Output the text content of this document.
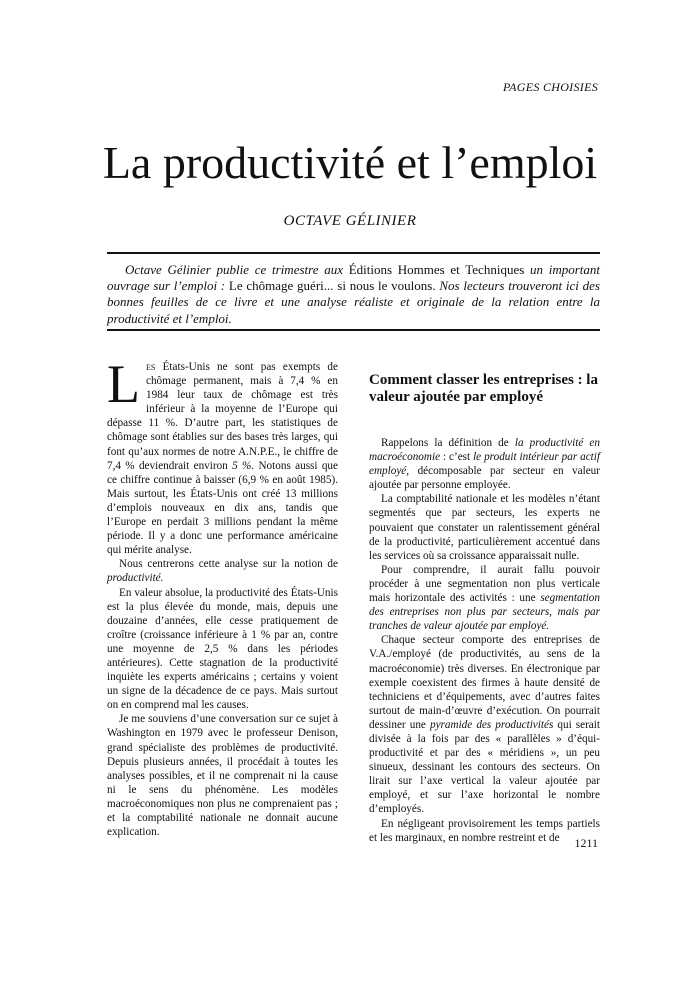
PAGES CHOISIES
La productivité et l’emploi
OCTAVE GÉLINIER

Octave Gélinier publie ce trimestre aux Éditions Hommes et Techniques un important ouvrage sur l’emploi : Le chômage guéri... si nous le voulons. Nos lecteurs trouveront ici des bonnes feuilles de ce livre et une analyse réaliste et originale de la relation entre la productivité et l’emploi.

Les États-Unis ne sont pas exempts de chômage permanent, mais à 7,4 % en 1984 leur taux de chômage est très inférieur à la moyenne de l’Europe qui dépasse 11 %. D’autre part, les statistiques de chômage sont établies sur des bases très larges, qui font qu’aux normes de notre A.N.P.E., le chiffre de 7,4 % deviendrait environ 5 %. Notons aussi que ce chiffre continue à baisser (6,9 % en août 1985). Mais surtout, les États-Unis ont créé 13 millions d’emplois nouveaux en dix ans, tandis que l’Europe en perdait 3 millions pendant la même période. Il y a donc une performance américaine qui mérite analyse.

Nous centrerons cette analyse sur la notion de productivité.

En valeur absolue, la productivité des États-Unis est la plus élevée du monde, mais, depuis une douzaine d’années, elle cesse pratiquement de croître (croissance inférieure à 1 % par an, contre une moyenne de 2,5 % dans les périodes antérieures). Cette stagnation de la productivité inquiète les experts américains ; certains y voient un signe de la décadence de ce pays. Mais surtout on en comprend mal les causes.

Je me souviens d’une conversation sur ce sujet à Washington en 1979 avec le professeur Denison, grand spécialiste des problèmes de productivité. Depuis plusieurs années, il procédait à toutes les analyses possibles, et il ne comprenait ni la cause ni le sens du phénomène. Les modèles macroéconomiques non plus ne comprenaient pas ; et la comptabilité nationale ne donnait aucune explication.

Comment classer les entreprises : la valeur ajoutée par employé

Rappelons la définition de la productivité en macroéconomie : c’est le produit intérieur par actif employé, décomposable par secteur en valeur ajoutée par personne employée.

La comptabilité nationale et les modèles n’étant segmentés que par secteurs, les experts ne pouvaient que constater un ralentissement général de la productivité, particulièrement accentué dans les services où sa croissance apparaissait nulle.

Pour comprendre, il aurait fallu pouvoir procéder à une segmentation non plus verticale mais horizontale des activités : une segmentation des entreprises non plus par secteurs, mais par tranches de valeur ajoutée par employé.

Chaque secteur comporte des entreprises de V.A./employé (de productivités, au sens de la macroéconomie) très diverses. En électronique par exemple coexistent des firmes à haute densité de techniciens et d’équipements, avec d’autres faites surtout de main-d’œuvre d’exécution. On pourrait dessiner une pyramide des productivités qui serait divisée à la fois par des « parallèles » d’équi-productivité et par des « méridiens », un peu sinueux, dessinant les contours des secteurs. On lirait sur l’axe vertical la valeur ajoutée par employé, et sur l’axe horizontal le nombre d’employés.

En négligeant provisoirement les temps partiels et les marginaux, en nombre restreint et de	1211
